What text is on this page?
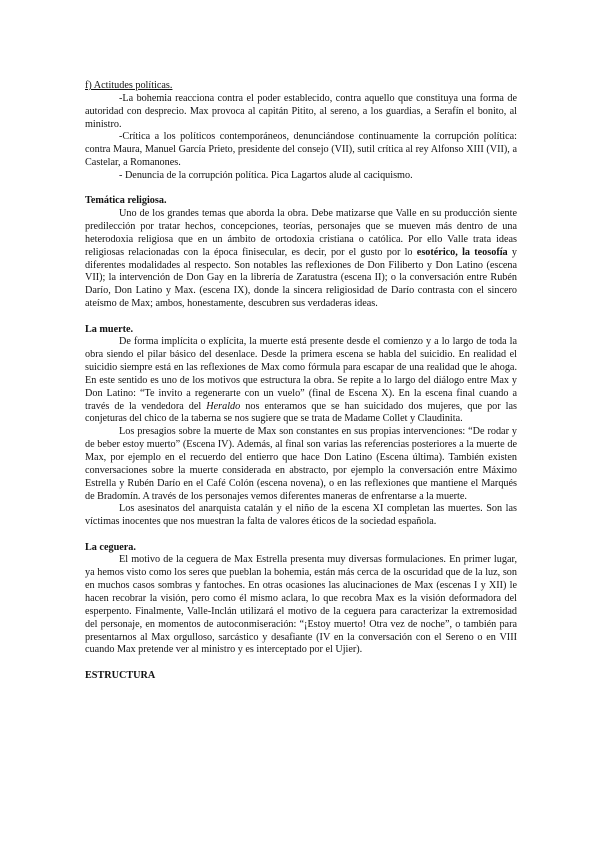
f) Actitudes políticas.

-La bohemia reacciona contra el poder establecido, contra aquello que constituya una forma de autoridad con desprecio. Max provoca al capitán Pitito, al sereno, a los guardias, a Serafín el bonito, al ministro.

-Crítica a los políticos contemporáneos, denunciándose continuamente la corrupción política: contra Maura, Manuel García Prieto, presidente del consejo (VII), sutil crítica al rey Alfonso XIII (VII), a Castelar, a Romanones.

- Denuncia de la corrupción política. Pica Lagartos alude al caciquismo.

Temática religiosa.

Uno de los grandes temas que aborda la obra. Debe matizarse que Valle en su producción siente predilección por tratar hechos, concepciones, teorías, personajes que se mueven más dentro de una heterodoxia religiosa que en un ámbito de ortodoxia cristiana o católica. Por ello Valle trata ideas religiosas relacionadas con la época finisecular, es decir, por el gusto por lo esotérico, la teosofía y diferentes modalidades al respecto. Son notables las reflexiones de Don Filiberto y Don Latino (escena VII); la intervención de Don Gay en la librería de Zaratustra (escena II); o la conversación entre Rubén Darío, Don Latino y Max. (escena IX), donde la sincera religiosidad de Darío contrasta con el sincero ateísmo de Max; ambos, honestamente, descubren sus verdaderas ideas.

La muerte.

De forma implícita o explícita, la muerte está presente desde el comienzo y a lo largo de toda la obra siendo el pilar básico del desenlace. Desde la primera escena se habla del suicidio. En realidad el suicidio siempre está en las reflexiones de Max como fórmula para escapar de una realidad que le ahoga. En este sentido es uno de los motivos que estructura la obra. Se repite a lo largo del diálogo entre Max y Don Latino: “Te invito a regenerarte con un vuelo” (final de Escena X). En la escena final cuando a través de la vendedora del Heraldo nos enteramos que se han suicidado dos mujeres, que por las conjeturas del chico de la taberna se nos sugiere que se trata de Madame Collet y Claudinita.

Los presagios sobre la muerte de Max son constantes en sus propias intervenciones: “De rodar y de beber estoy muerto” (Escena IV). Además, al final son varias las referencias posteriores a la muerte de Max, por ejemplo en el recuerdo del entierro que hace Don Latino (Escena última). También existen conversaciones sobre la muerte considerada en abstracto, por ejemplo la conversación entre Máximo Estrella y Rubén Darío en el Café Colón (escena novena), o en las reflexiones que mantiene el Marqués de Bradomín. A través de los personajes vemos diferentes maneras de enfrentarse a la muerte.

Los asesinatos del anarquista catalán y el niño de la escena XI completan las muertes. Son las víctimas inocentes que nos muestran la falta de valores éticos de la sociedad española.

La ceguera.

El motivo de la ceguera de Max Estrella presenta muy diversas formulaciones. En primer lugar, ya hemos visto como los seres que pueblan la bohemia, están más cerca de la oscuridad que de la luz, son en muchos casos sombras y fantoches. En otras ocasiones las alucinaciones de Max (escenas I y XII) le hacen recobrar la visión, pero como él mismo aclara, lo que recobra Max es la visión deformadora del esperpento. Finalmente, Valle-Inclán utilizará el motivo de la ceguera para caracterizar la extremosidad del personaje, en momentos de autoconmiseración: “¡Estoy muerto! Otra vez de noche”, o también para presentarnos al Max orgulloso, sarcástico y desafiante (IV en la conversación con el Sereno o en VIII cuando Max pretende ver al ministro y es interceptado por el Ujier).

ESTRUCTURA
